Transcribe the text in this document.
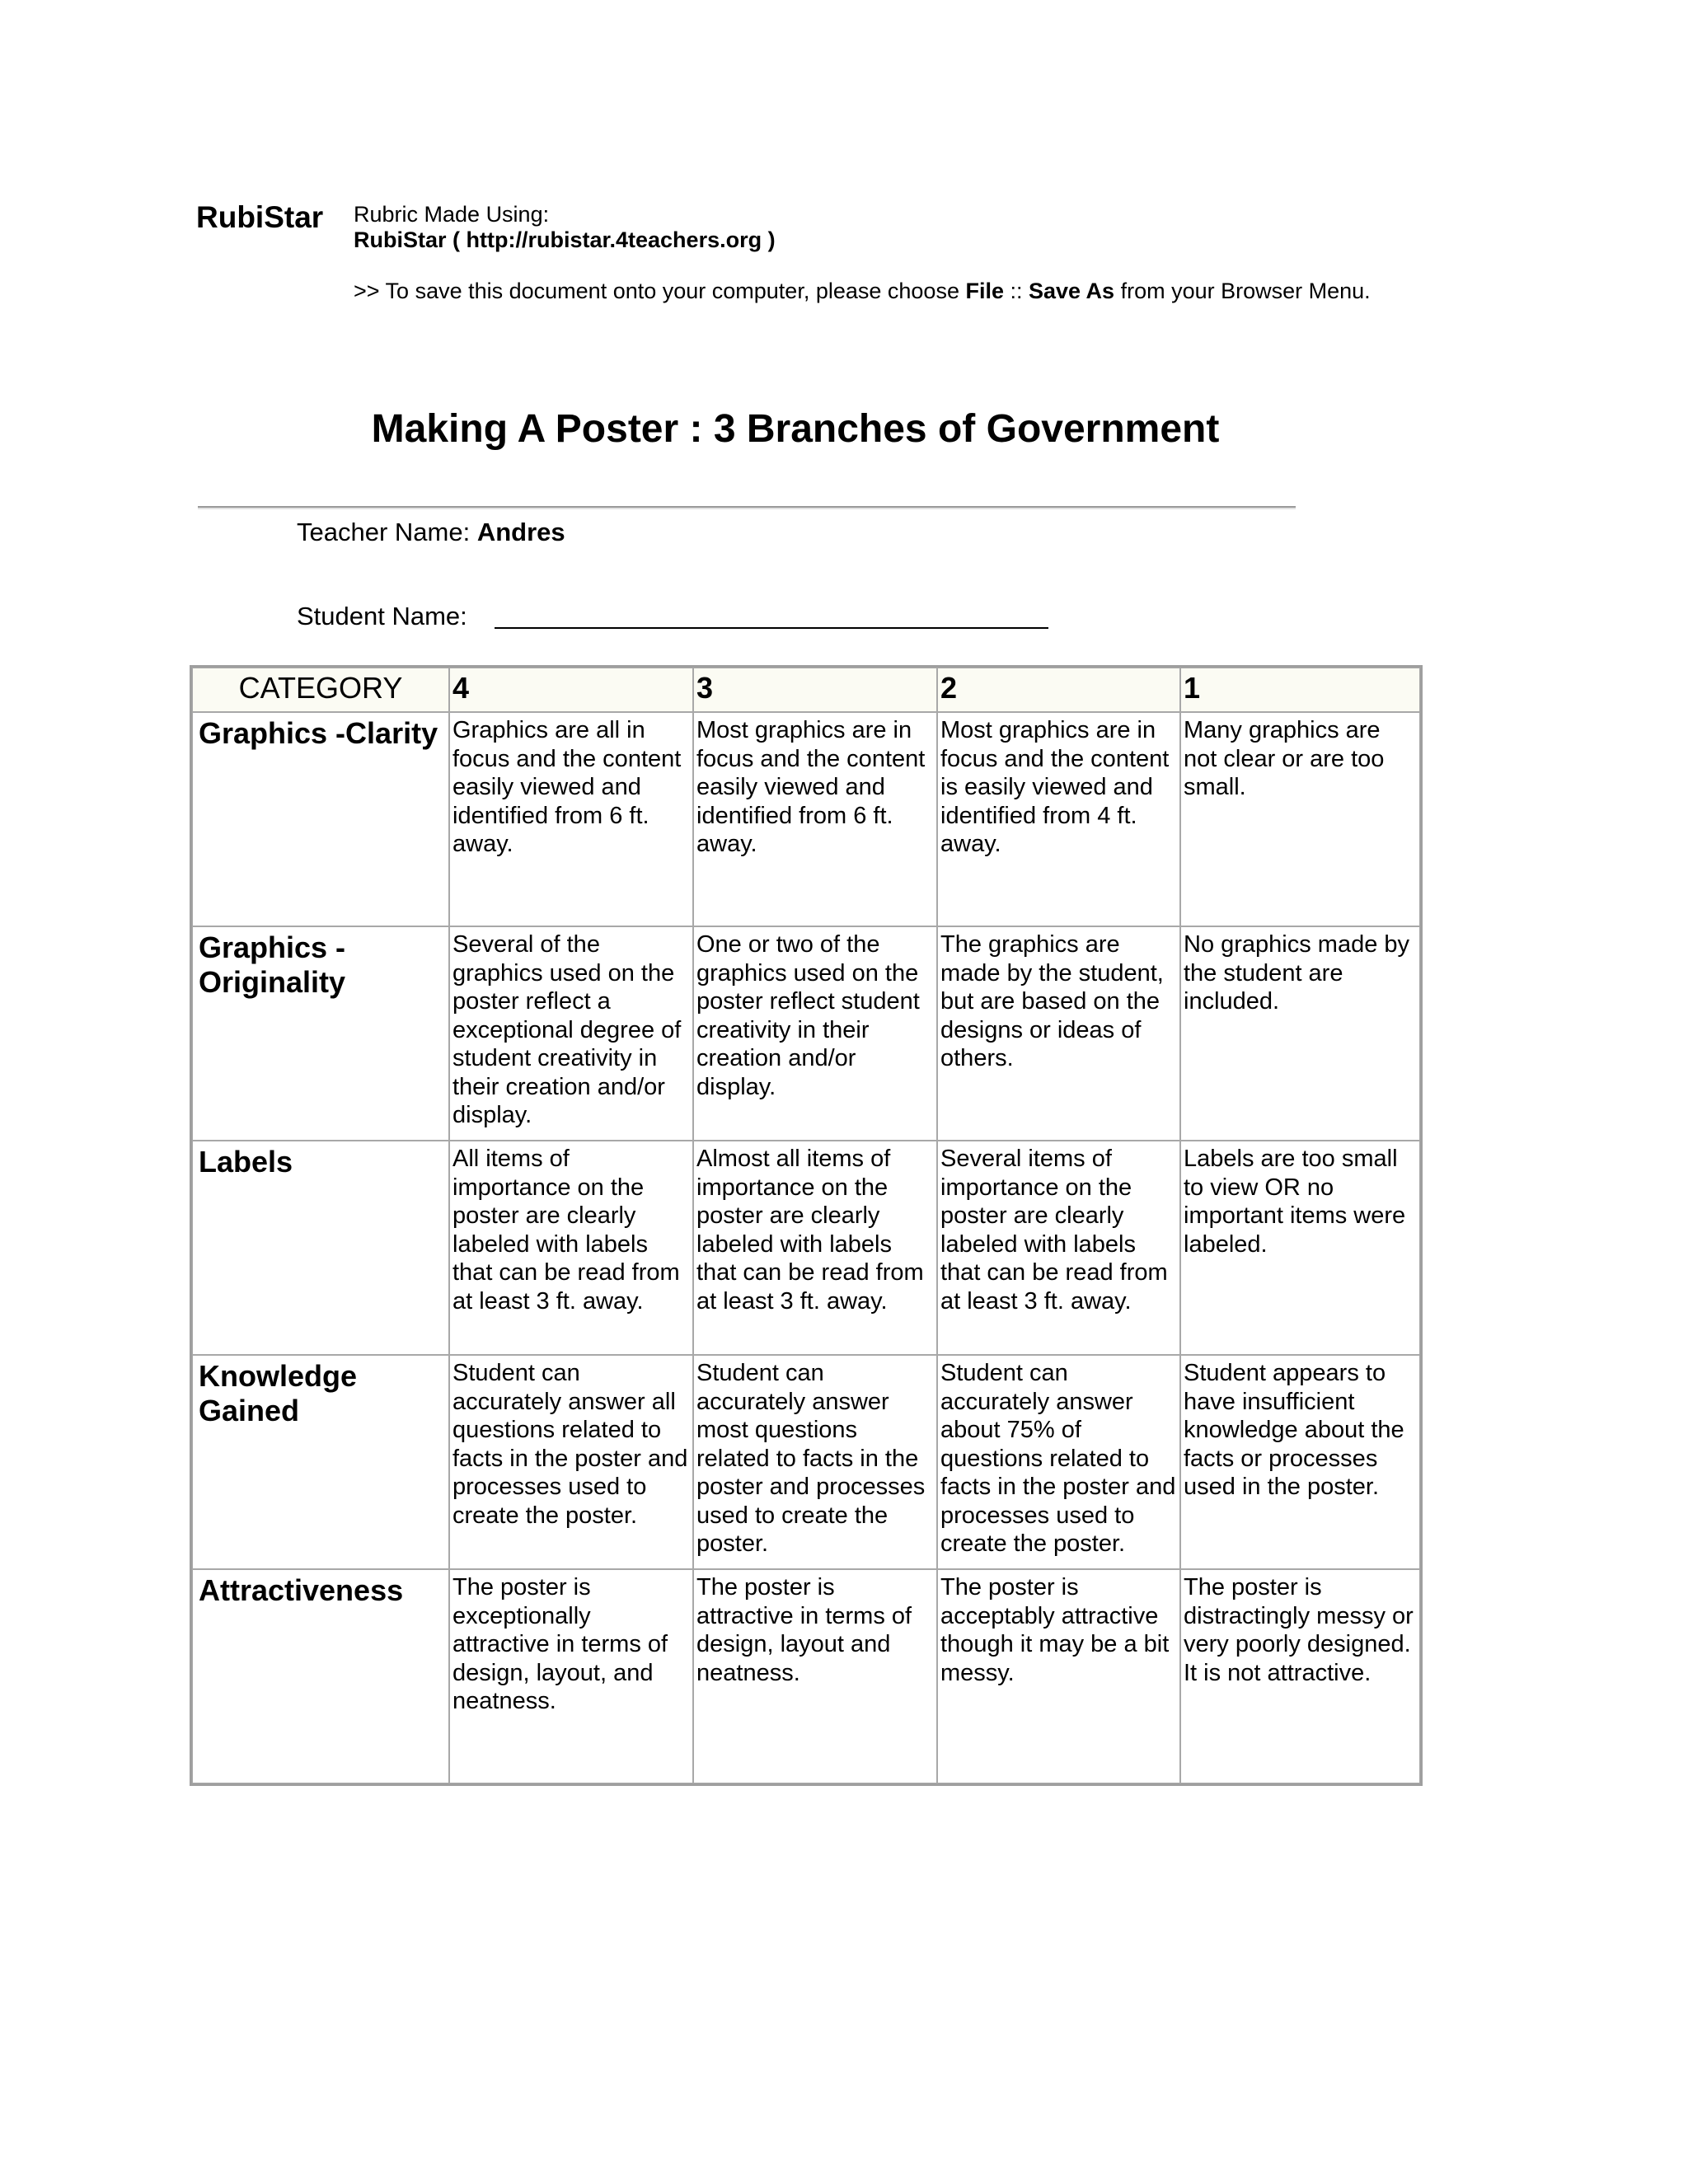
RubiStar Rubric Made Using:
RubiStar ( http://rubistar.4teachers.org )
>> To save this document onto your computer, please choose File :: Save As from your Browser Menu.
Making A Poster : 3 Branches of Government
Teacher Name: Andres
Student Name:
CATEGORY	4	3	2	1
Graphics -Clarity	Graphics are all in focus and the content easily viewed and identified from 6 ft. away.	Most graphics are in focus and the content easily viewed and identified from 6 ft. away.	Most graphics are in focus and the content is easily viewed and identified from 4 ft. away.	Many graphics are not clear or are too small.
Graphics - Originality	Several of the graphics used on the poster reflect a exceptional degree of student creativity in their creation and/or display.	One or two of the graphics used on the poster reflect student creativity in their creation and/or display.	The graphics are made by the student, but are based on the designs or ideas of others.	No graphics made by the student are included.
Labels	All items of importance on the poster are clearly labeled with labels that can be read from at least 3 ft. away.	Almost all items of importance on the poster are clearly labeled with labels that can be read from at least 3 ft. away.	Several items of importance on the poster are clearly labeled with labels that can be read from at least 3 ft. away.	Labels are too small to view OR no important items were labeled.
Knowledge Gained	Student can accurately answer all questions related to facts in the poster and processes used to create the poster.	Student can accurately answer most questions related to facts in the poster and processes used to create the poster.	Student can accurately answer about 75% of questions related to facts in the poster and processes used to create the poster.	Student appears to have insufficient knowledge about the facts or processes used in the poster.
Attractiveness	The poster is exceptionally attractive in terms of design, layout, and neatness.	The poster is attractive in terms of design, layout and neatness.	The poster is acceptably attractive though it may be a bit messy.	The poster is distractingly messy or very poorly designed. It is not attractive.
